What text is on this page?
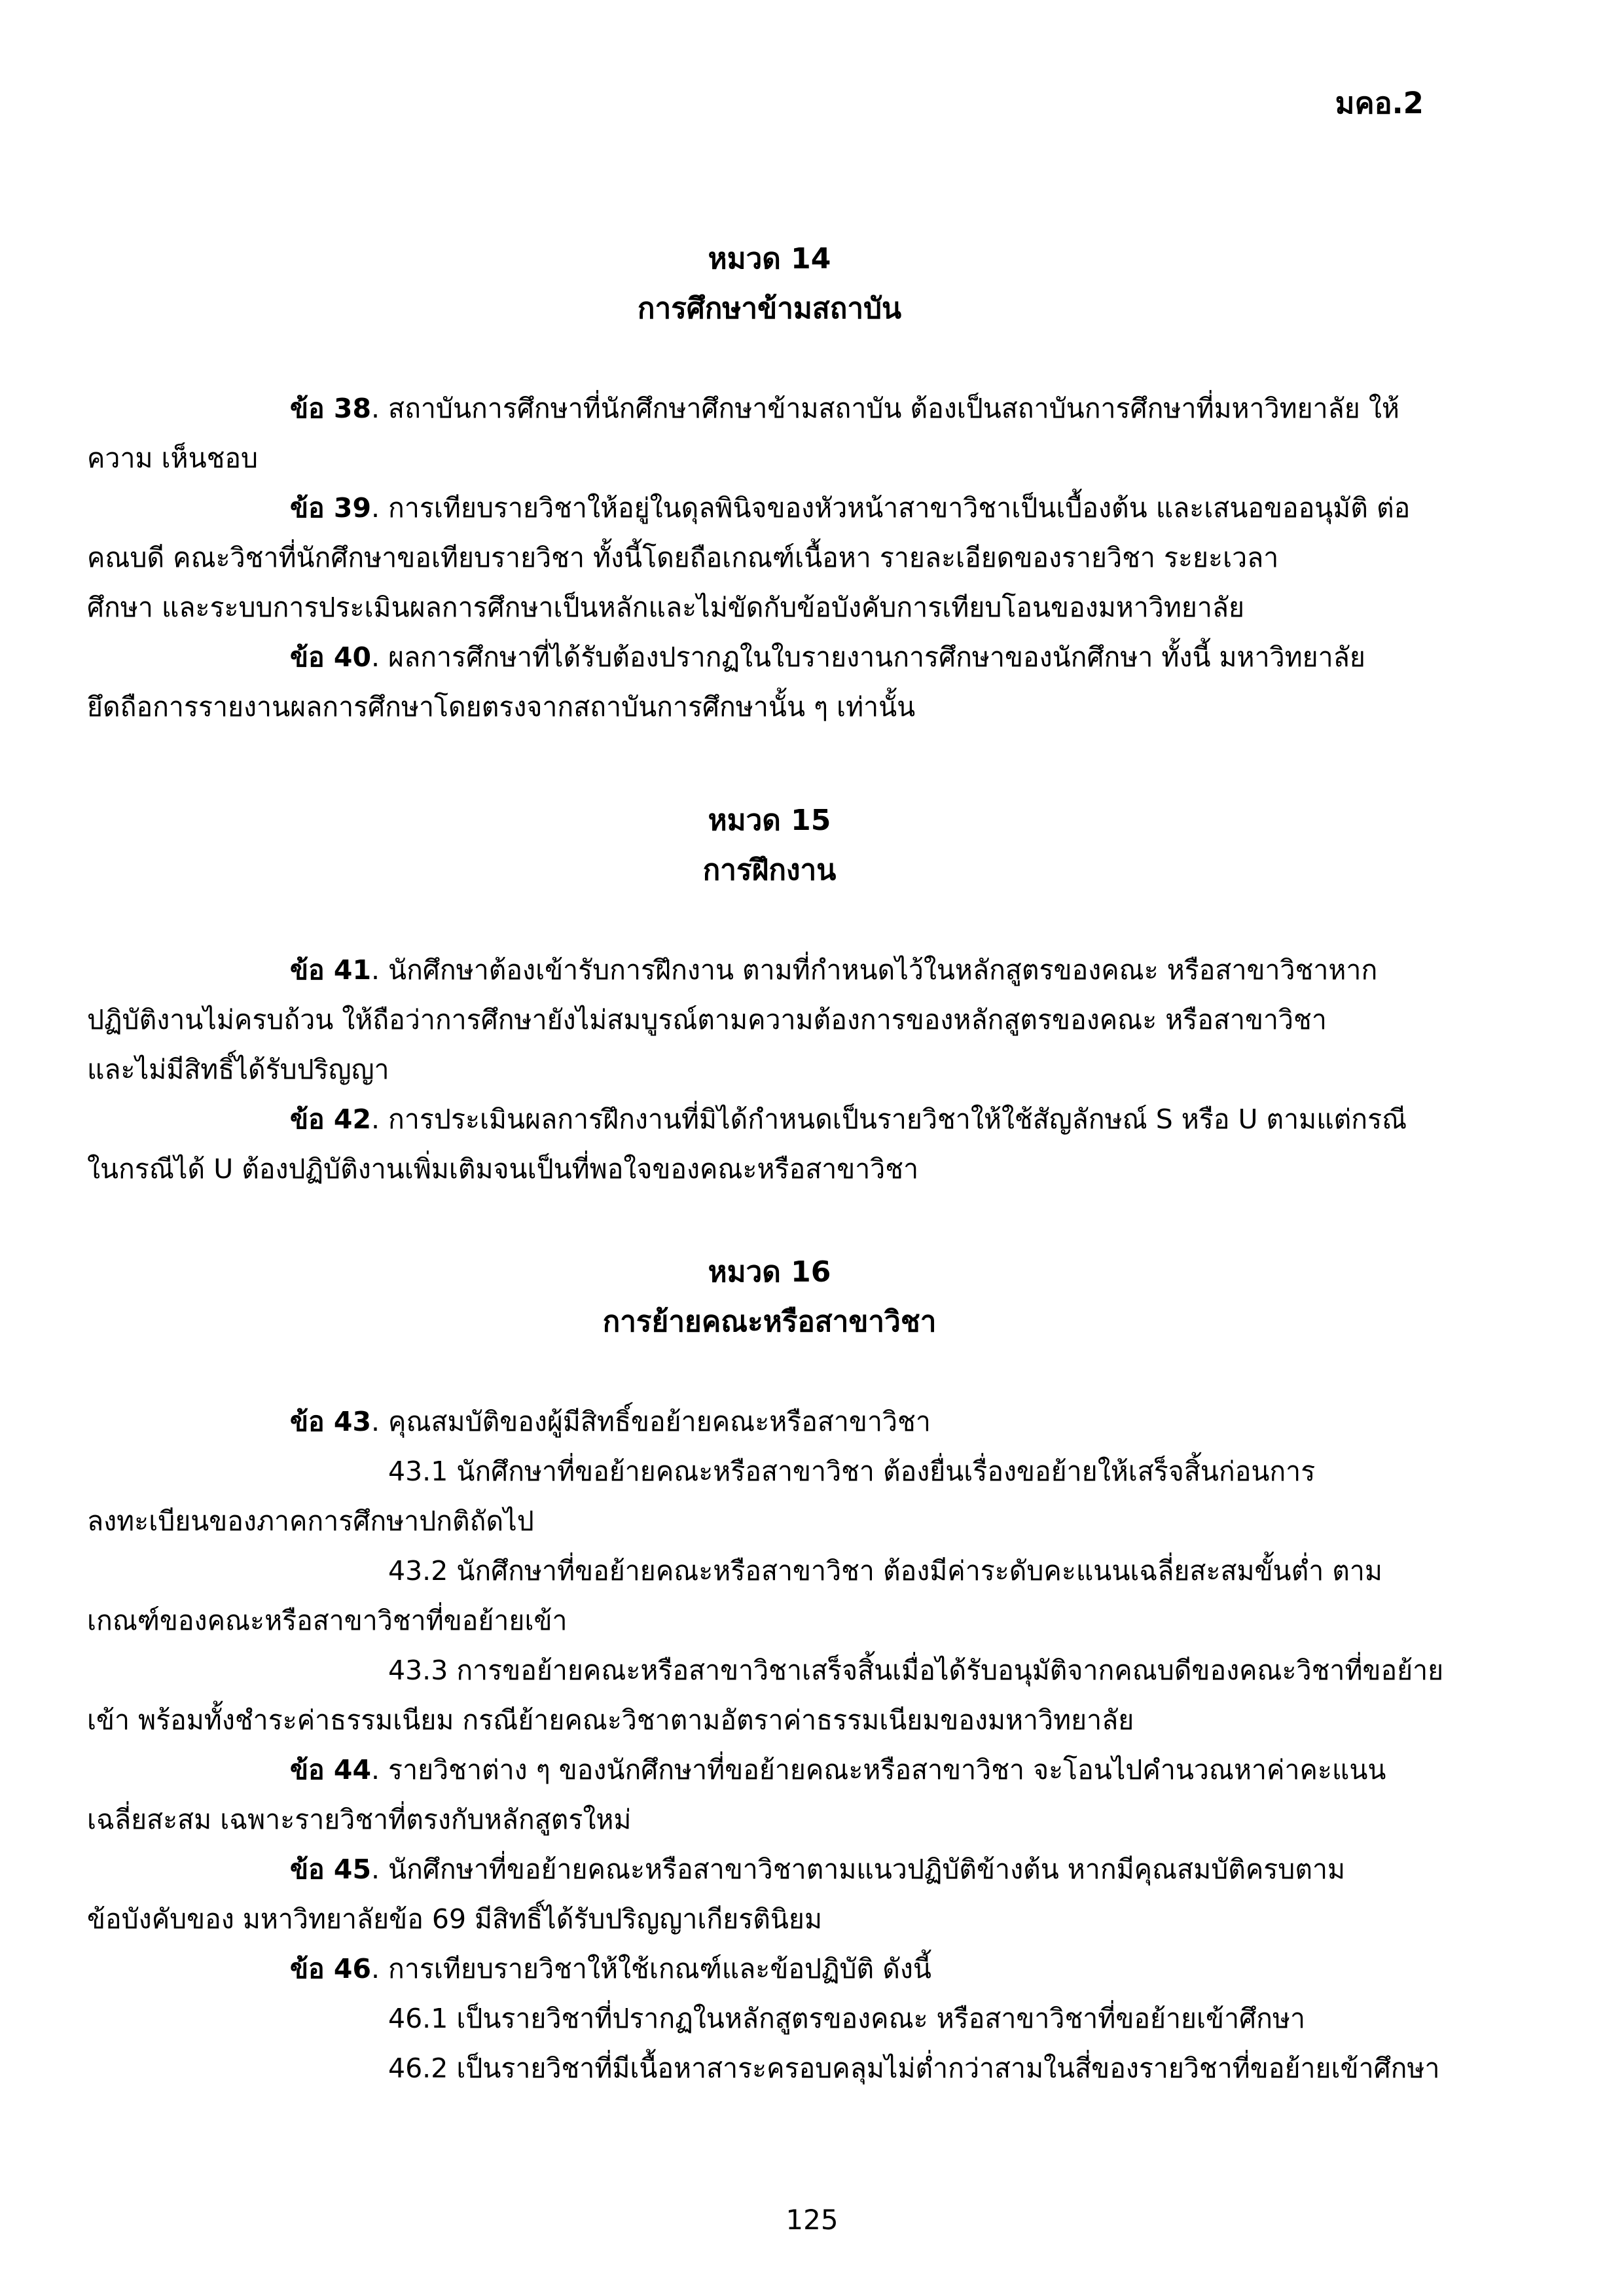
มคอ.2
หมวด 14
การศึกษาข้ามสถาบัน
ข้อ 38. สถาบันการศึกษาที่นักศึกษาศึกษาข้ามสถาบัน ต้องเป็นสถาบันการศึกษาที่มหาวิทยาลัย ให้
ความ เห็นชอบ
ข้อ 39. การเทียบรายวิชาให้อยู่ในดุลพินิจของหัวหน้าสาขาวิชาเป็นเบื้องต้น และเสนอขออนุมัติ ต่อ
คณบดี คณะวิชาที่นักศึกษาขอเทียบรายวิชา ทั้งนี้โดยถือเกณฑ์เนื้อหา รายละเอียดของรายวิชา ระยะเวลา
ศึกษา และระบบการประเมินผลการศึกษาเป็นหลักและไม่ขัดกับข้อบังคับการเทียบโอนของมหาวิทยาลัย
ข้อ 40. ผลการศึกษาที่ได้รับต้องปรากฏในใบรายงานการศึกษาของนักศึกษา ทั้งนี้ มหาวิทยาลัย
ยึดถือการรายงานผลการศึกษาโดยตรงจากสถาบันการศึกษานั้น ๆ เท่านั้น
หมวด 15
การฝึกงาน
ข้อ 41. นักศึกษาต้องเข้ารับการฝึกงาน ตามที่กำหนดไว้ในหลักสูตรของคณะ หรือสาขาวิชาหาก
ปฏิบัติงานไม่ครบถ้วน ให้ถือว่าการศึกษายังไม่สมบูรณ์ตามความต้องการของหลักสูตรของคณะ หรือสาขาวิชา
และไม่มีสิทธิ์ได้รับปริญญา
ข้อ 42. การประเมินผลการฝึกงานที่มิได้กำหนดเป็นรายวิชาให้ใช้สัญลักษณ์ S หรือ U ตามแต่กรณี
ในกรณีได้ U ต้องปฏิบัติงานเพิ่มเติมจนเป็นที่พอใจของคณะหรือสาขาวิชา
หมวด 16
การย้ายคณะหรือสาขาวิชา
ข้อ 43. คุณสมบัติของผู้มีสิทธิ์ขอย้ายคณะหรือสาขาวิชา
43.1 นักศึกษาที่ขอย้ายคณะหรือสาขาวิชา ต้องยื่นเรื่องขอย้ายให้เสร็จสิ้นก่อนการ
ลงทะเบียนของภาคการศึกษาปกติถัดไป
43.2 นักศึกษาที่ขอย้ายคณะหรือสาขาวิชา ต้องมีค่าระดับคะแนนเฉลี่ยสะสมขั้นต่ำ ตาม
เกณฑ์ของคณะหรือสาขาวิชาที่ขอย้ายเข้า
43.3 การขอย้ายคณะหรือสาขาวิชาเสร็จสิ้นเมื่อได้รับอนุมัติจากคณบดีของคณะวิชาที่ขอย้าย
เข้า พร้อมทั้งชำระค่าธรรมเนียม กรณีย้ายคณะวิชาตามอัตราค่าธรรมเนียมของมหาวิทยาลัย
ข้อ 44. รายวิชาต่าง ๆ ของนักศึกษาที่ขอย้ายคณะหรือสาขาวิชา จะโอนไปคำนวณหาค่าคะแนน
เฉลี่ยสะสม เฉพาะรายวิชาที่ตรงกับหลักสูตรใหม่
ข้อ 45. นักศึกษาที่ขอย้ายคณะหรือสาขาวิชาตามแนวปฏิบัติข้างต้น หากมีคุณสมบัติครบตาม
ข้อบังคับของ มหาวิทยาลัยข้อ 69 มีสิทธิ์ได้รับปริญญาเกียรตินิยม
ข้อ 46. การเทียบรายวิชาให้ใช้เกณฑ์และข้อปฏิบัติ ดังนี้
46.1 เป็นรายวิชาที่ปรากฏในหลักสูตรของคณะ หรือสาขาวิชาที่ขอย้ายเข้าศึกษา
46.2 เป็นรายวิชาที่มีเนื้อหาสาระครอบคลุมไม่ต่ำกว่าสามในสี่ของรายวิชาที่ขอย้ายเข้าศึกษา
125
